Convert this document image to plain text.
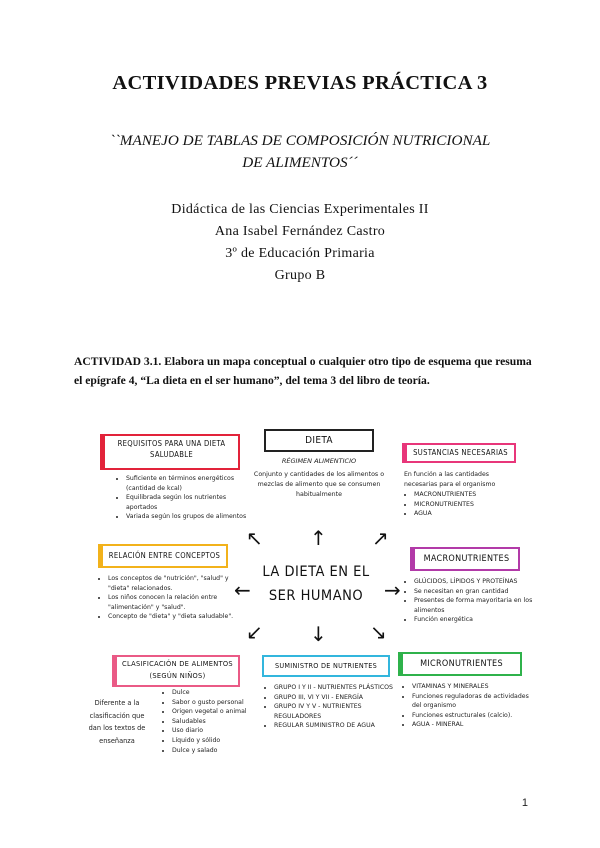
ACTIVIDADES PREVIAS PRÁCTICA 3
``MANEJO DE TABLAS DE COMPOSICIÓN NUTRICIONAL
DE ALIMENTOS´´
Didáctica de las Ciencias Experimentales II
Ana Isabel Fernández Castro
3º de Educación Primaria
Grupo B
ACTIVIDAD 3.1. Elabora un mapa conceptual o cualquier otro tipo de esquema que resuma el epígrafe 4, “La dieta en el ser humano”, del tema 3 del libro de teoría.
REQUISITOS PARA UNA DIETA SALUDABLE
• Suficiente en términos energéticos (cantidad de kcal)
• Equilibrada según los nutrientes aportados
• Variada según los grupos de alimentos
DIETA
RÉGIMEN ALIMENTICIO
Conjunto y cantidades de los alimentos o mezclas de alimento que se consumen habitualmente
SUSTANCIAS NECESARIAS
En función a las cantidades necesarias para el organismo
• MACRONUTRIENTES
• MICRONUTRIENTES
• AGUA
RELACIÓN ENTRE CONCEPTOS
• Los conceptos de "nutrición", "salud" y "dieta" relacionados.
• Los niños conocen la relación entre "alimentación" y "salud".
• Concepto de "dieta" y "dieta saludable".
LA DIETA EN EL
SER HUMANO
MACRONUTRIENTES
• GLÚCIDOS, LÍPIDOS Y PROTEÍNAS
• Se necesitan en gran cantidad
• Presentes de forma mayoritaria en los alimentos
• Función energética
↑
↖	↗
←	→
↙ ↓ ↘
CLASIFICACIÓN DE ALIMENTOS (SEGÚN NIÑOS)
Diferente a la clasificación que dan los textos de enseñanza
• Dulce
• Sabor o gusto personal
• Origen vegetal o animal
• Saludables
• Uso diario
• Líquido y sólido
• Dulce y salado
SUMINISTRO DE NUTRIENTES
• GRUPO I Y II - NUTRIENTES PLÁSTICOS
• GRUPO III, VI Y VII - ENERGÍA
• GRUPO IV Y V - NUTRIENTES REGULADORES
• REGULAR SUMINISTRO DE AGUA
MICRONUTRIENTES
• VITAMINAS Y MINERALES
• Funciones reguladoras de actividades del organismo
• Funciones estructurales (calcio).
• AGUA - MINERAL
1
